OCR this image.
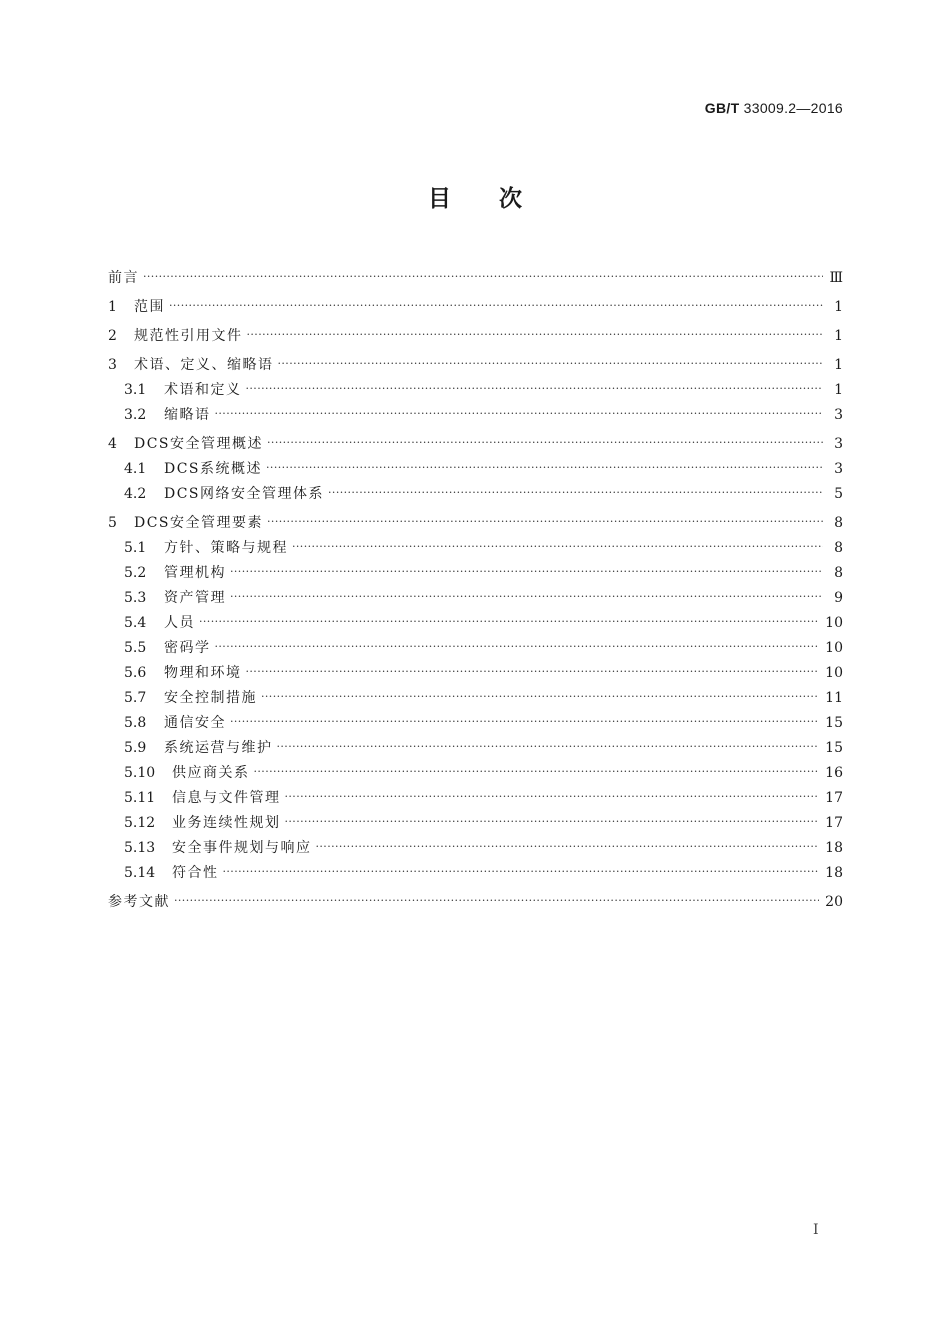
GB/T 33009.2—2016
目次
前言 ·····	Ⅲ
1	范围 ·····	1
2	规范性引用文件 ·····	1
3	术语、定义、缩略语 ·····	1
3.1	术语和定义 ·····	1
3.2	缩略语 ·····	3
4	DCS安全管理概述 ·····	3
4.1	DCS系统概述 ·····	3
4.2	DCS网络安全管理体系 ·····	5
5	DCS安全管理要素 ·····	8
5.1	方针、策略与规程 ·····	8
5.2	管理机构 ·····	8
5.3	资产管理 ·····	9
5.4	人员 ·····	10
5.5	密码学 ·····	10
5.6	物理和环境 ·····	10
5.7	安全控制措施 ·····	11
5.8	通信安全 ·····	15
5.9	系统运营与维护 ·····	15
5.10	供应商关系 ·····	16
5.11	信息与文件管理 ·····	17
5.12	业务连续性规划 ·····	17
5.13	安全事件规划与响应 ·····	18
5.14	符合性 ·····	18
参考文献 ·····	20
I
